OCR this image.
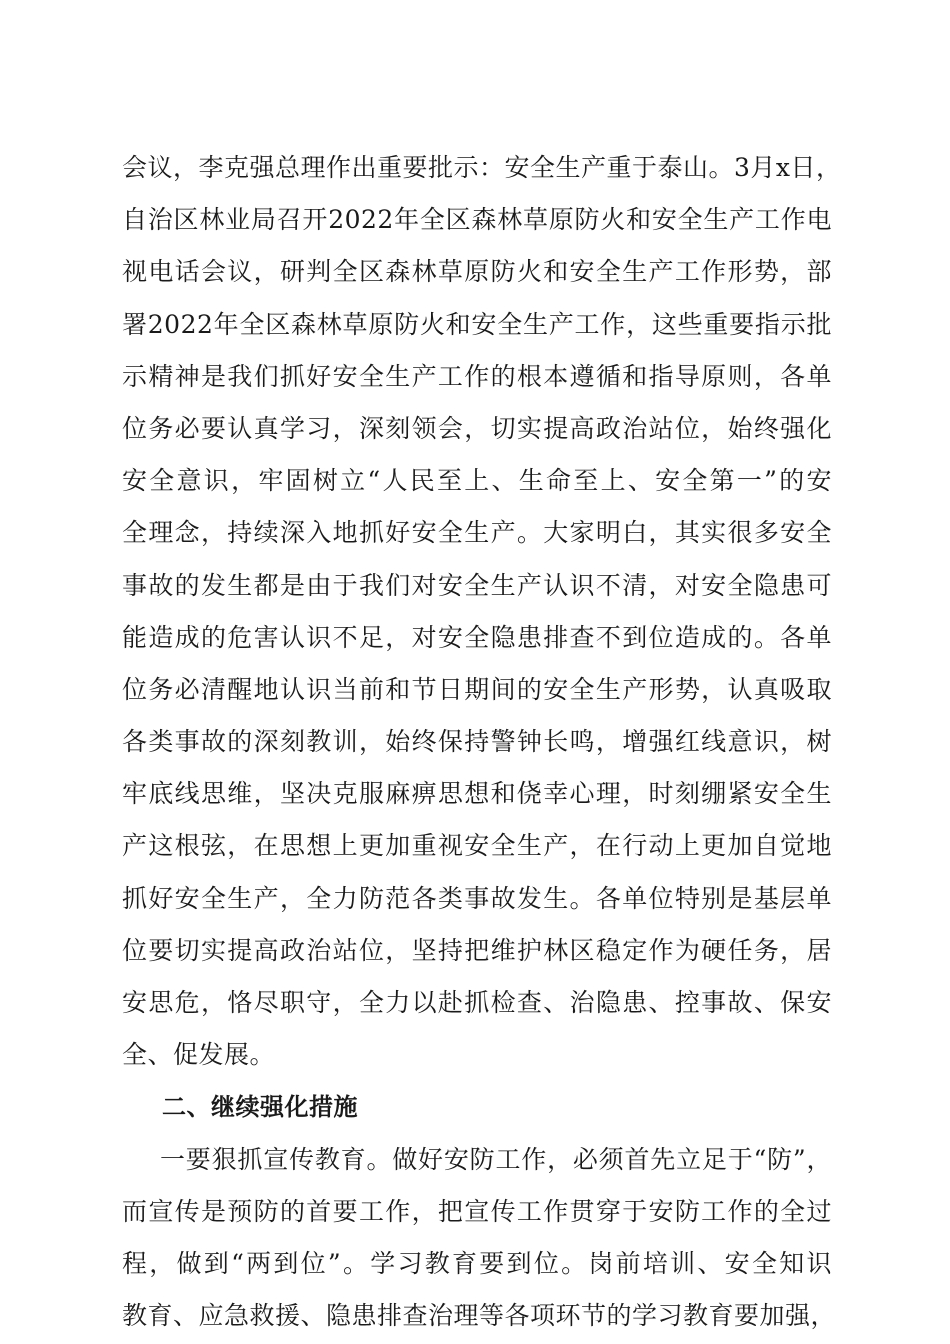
会议，李克强总理作出重要批示：安全生产重于泰山。3月x日，
自治区林业局召开2022年全区森林草原防火和安全生产工作电
视电话会议，研判全区森林草原防火和安全生产工作形势，部
署2022年全区森林草原防火和安全生产工作，这些重要指示批
示精神是我们抓好安全生产工作的根本遵循和指导原则，各单
位务必要认真学习，深刻领会，切实提高政治站位，始终强化
安全意识，牢固树立“人民至上、生命至上、安全第一”的安
全理念，持续深入地抓好安全生产。大家明白，其实很多安全
事故的发生都是由于我们对安全生产认识不清，对安全隐患可
能造成的危害认识不足，对安全隐患排查不到位造成的。各单
位务必清醒地认识当前和节日期间的安全生产形势，认真吸取
各类事故的深刻教训，始终保持警钟长鸣，增强红线意识，树
牢底线思维，坚决克服麻痹思想和侥幸心理，时刻绷紧安全生
产这根弦，在思想上更加重视安全生产，在行动上更加自觉地
抓好安全生产，全力防范各类事故发生。各单位特别是基层单
位要切实提高政治站位，坚持把维护林区稳定作为硬任务，居
安思危，恪尽职守，全力以赴抓检查、治隐患、控事故、保安
全、促发展。
二、继续强化措施
一要狠抓宣传教育。做好安防工作，必须首先立足于“防”，
而宣传是预防的首要工作，把宣传工作贯穿于安防工作的全过
程，做到“两到位”。学习教育要到位。岗前培训、安全知识
教育、应急救援、隐患排查治理等各项环节的学习教育要加强，
